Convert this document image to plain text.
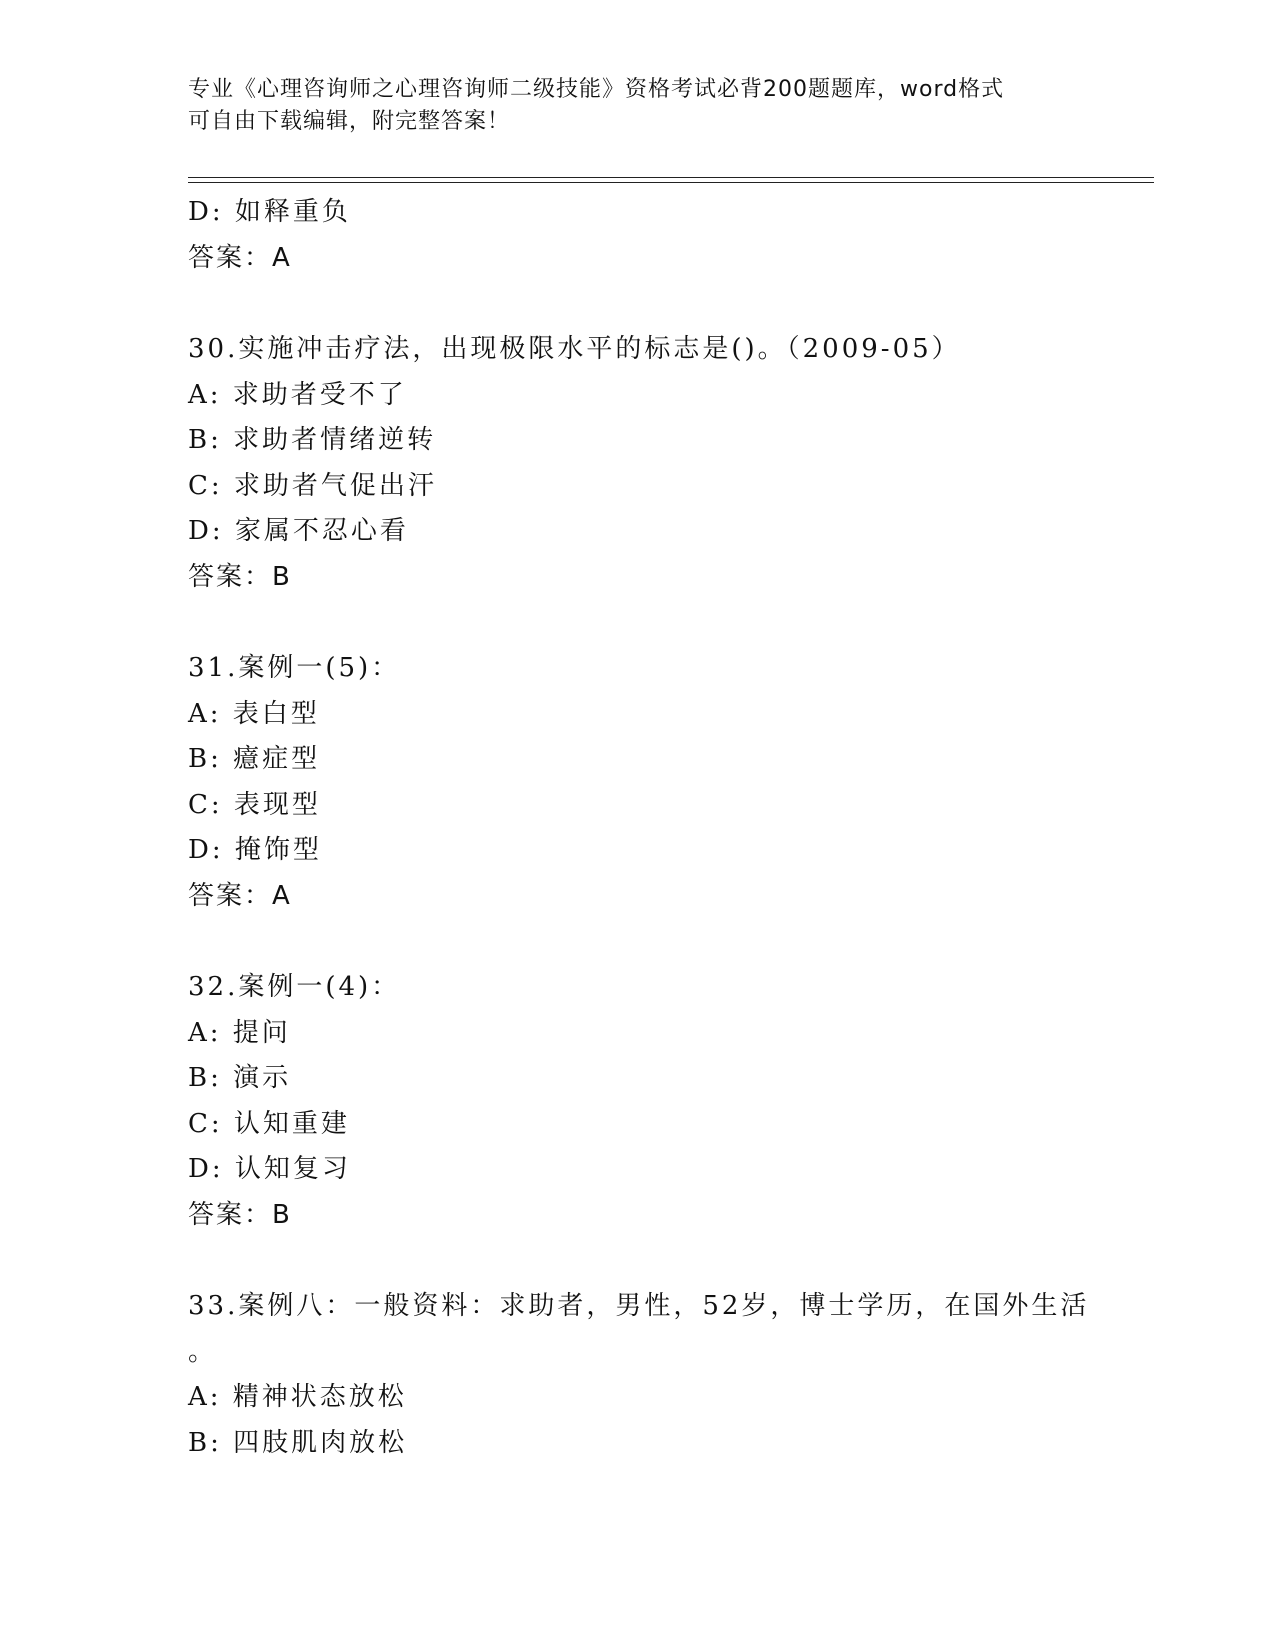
专业《心理咨询师之心理咨询师二级技能》资格考试必背200题题库，word格式
可自由下载编辑，附完整答案！
D: 如释重负
答案：A
30.实施冲击疗法，出现极限水平的标志是()。（2009-05）
A: 求助者受不了
B: 求助者情绪逆转
C: 求助者气促出汗
D: 家属不忍心看
答案：B
31.案例一(5)：
A: 表白型
B: 癔症型
C: 表现型
D: 掩饰型
答案：A
32.案例一(4)：
A: 提问
B: 演示
C: 认知重建
D: 认知复习
答案：B
33.案例八：一般资料：求助者，男性，52岁，博士学历，在国外生活
。
A: 精神状态放松
B: 四肢肌肉放松
